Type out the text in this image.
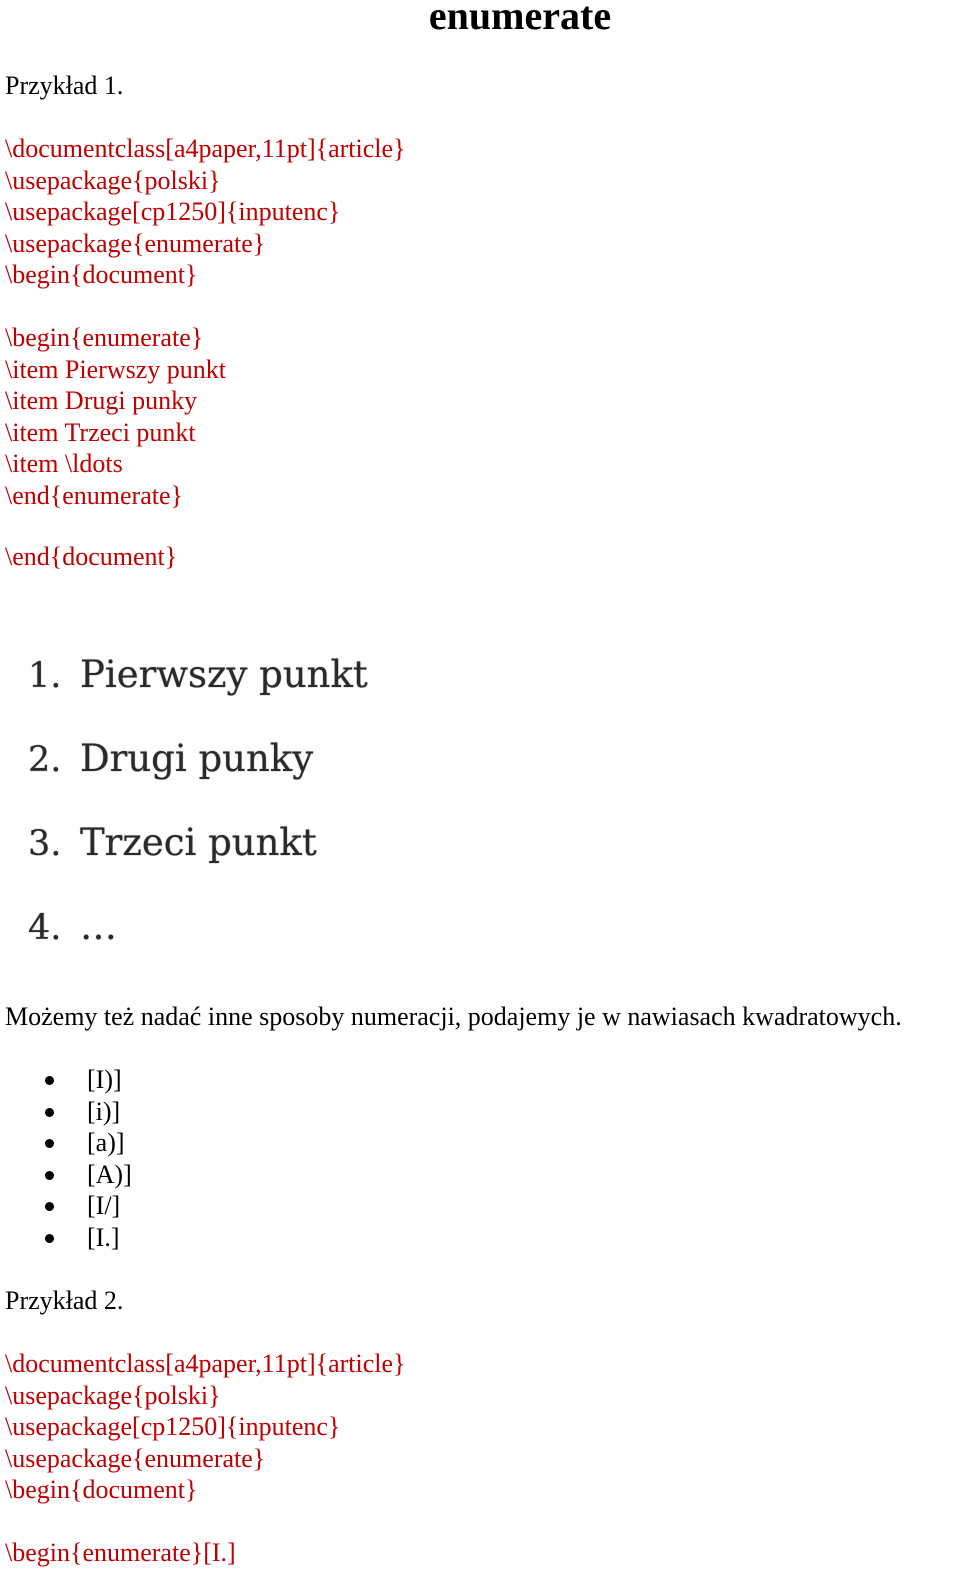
enumerate

Przykład 1.

\documentclass[a4paper,11pt]{article}
\usepackage{polski}
\usepackage[cp1250]{inputenc}
\usepackage{enumerate}
\begin{document}
\begin{enumerate}
\item Pierwszy punkt
\item Drugi punky
\item Trzeci punkt
\item \ldots
\end{enumerate}
\end{document}
1. Pierwszy punkt
2. Drugi punky
3. Trzeci punkt
4. …

Możemy też nadać inne sposoby numeracji, podajemy je w nawiasach kwadratowych.

[I)]
[i)]
[a)]
[A)]
[I/]
[I.]

Przykład 2.

\documentclass[a4paper,11pt]{article}
\usepackage{polski}
\usepackage[cp1250]{inputenc}
\usepackage{enumerate}
\begin{document}
\begin{enumerate}[I.]
